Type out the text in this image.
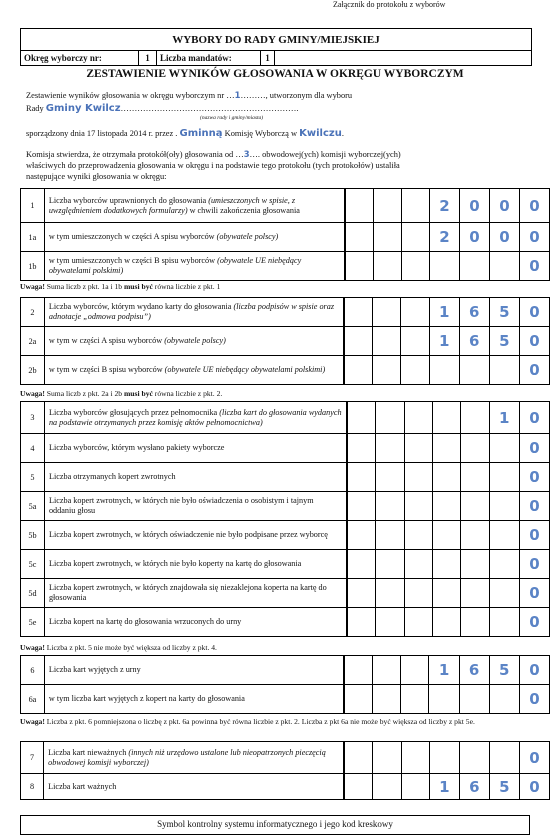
Załącznik do protokołu z wyborów
WYBORY DO RADY GMINY/MIEJSKIEJ
Okręg wyborczy nr:	1	Liczba mandatów:	1
ZESTAWIENIE WYNIKÓW GŁOSOWANIA W OKRĘGU WYBORCZYM
Zestawienie wyników głosowania w okręgu wyborczym nr …1………, utworzonym dla wyboru
Rady Gminy Kwilcz……………………………………………………….
(nazwa rady i gminy/miasta)
sporządzony dnia 17 listopada 2014 r. przez . Gminną Komisję Wyborczą w Kwilczu.
Komisja stwierdza, że otrzymała protokół(oły) głosowania od …3…. obwodowej(ych) komisji wyborczej(ych)
właściwych do przeprowadzenia głosowania w okręgu i na podstawie tego protokołu (tych protokołów) ustaliła
następujące wyniki głosowania w okręgu:
1	Liczba wyborców uprawnionych do głosowania (umieszczonych w spisie, z uwzględnieniem dodatkowych formularzy) w chwili zakończenia głosowania				2	0	0	0
1a	w tym umieszczonych w części A spisu wyborców (obywatele polscy)				2	0	0	0
1b	w tym umieszczonych w części B spisu wyborców (obywatele UE niebędący obywatelami polskimi)							0
Uwaga! Suma liczb z pkt. 1a i 1b musi być równa liczbie z pkt. 1
2	Liczba wyborców, którym wydano karty do głosowania (liczba podpisów w spisie oraz adnotacje „odmowa podpisu”)				1	6	5	0
2a	w tym w części A spisu wyborców (obywatele polscy)				1	6	5	0
2b	w tym w części B spisu wyborców (obywatele UE niebędący obywatelami polskimi)							0
Uwaga! Suma liczb z pkt. 2a i 2b musi być równa liczbie z pkt. 2.
3	Liczba wyborców głosujących przez pełnomocnika (liczba kart do głosowania wydanych na podstawie otrzymanych przez komisję aktów pełnomocnictwa)						1	0
4	Liczba wyborców, którym wysłano pakiety wyborcze							0
5	Liczba otrzymanych kopert zwrotnych							0
5a	Liczba kopert zwrotnych, w których nie było oświadczenia o osobistym i tajnym oddaniu głosu							0
5b	Liczba kopert zwrotnych, w których oświadczenie nie było podpisane przez wyborcę							0
5c	Liczba kopert zwrotnych, w których nie było koperty na kartę do głosowania							0
5d	Liczba kopert zwrotnych, w których znajdowała się niezaklejona koperta na kartę do głosowania							0
5e	Liczba kopert na kartę do głosowania wrzuconych do urny							0
Uwaga! Liczba z pkt. 5 nie może być większa od liczby z pkt. 4.
6	Liczba kart wyjętych z urny				1	6	5	0
6a	w tym liczba kart wyjętych z kopert na karty do głosowania							0
Uwaga! Liczba z pkt. 6 pomniejszona o liczbę z pkt. 6a powinna być równa liczbie z pkt. 2. Liczba z pkt 6a nie może być większa od liczby z pkt 5e.
7	Liczba kart nieważnych (innych niż urzędowo ustalone lub nieopatrzonych pieczęcią obwodowej komisji wyborczej)							0
8	Liczba kart ważnych				1	6	5	0
Symbol kontrolny systemu informatycznego i jego kod kreskowy
